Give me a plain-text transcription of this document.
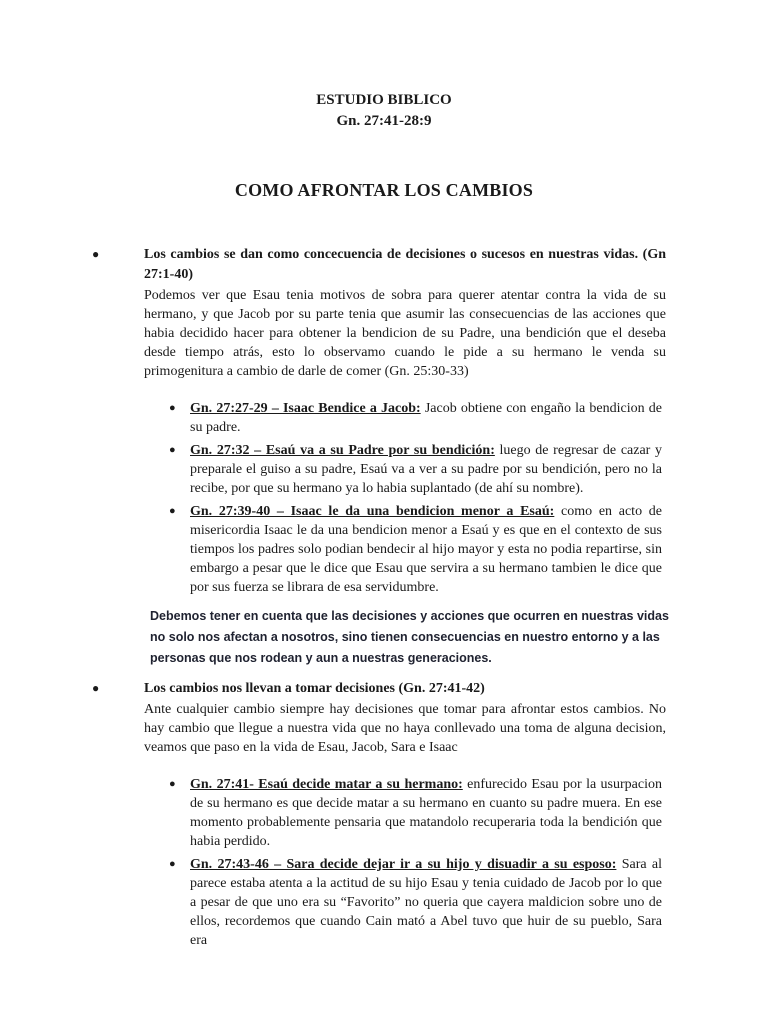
ESTUDIO BIBLICO
Gn. 27:41-28:9
COMO AFRONTAR LOS CAMBIOS
●	Los cambios se dan como concecuencia de decisiones o sucesos en nuestras vidas. (Gn 27:1-40)
Podemos ver que Esau tenia motivos de sobra para querer atentar contra la vida de su hermano, y que Jacob por su parte tenia que asumir las consecuencias de las acciones que habia decidido hacer para obtener la bendicion de su Padre, una bendición que el deseba desde tiempo atrás, esto lo observamo cuando le pide a su hermano le venda su primogenitura a cambio de darle de comer (Gn. 25:30-33)
● Gn. 27:27-29 – Isaac Bendice a Jacob: Jacob obtiene con engaño la bendicion de su padre.
● Gn. 27:32 – Esaú va a su Padre por su bendición: luego de regresar de cazar y preparale el guiso a su padre, Esaú va a ver a su padre por su bendición, pero no la recibe, por que su hermano ya lo habia suplantado (de ahí su nombre).
● Gn. 27:39-40 – Isaac le da una bendicion menor a Esaú: como en acto de misericordia Isaac le da una bendicion menor a Esaú y es que en el contexto de sus tiempos los padres solo podian bendecir al hijo mayor y esta no podia repartirse, sin embargo a pesar que le dice que Esau que servira a su hermano tambien le dice que por sus fuerza se librara de esa servidumbre.
Debemos tener en cuenta que las decisiones y acciones que ocurren en nuestras vidas no solo nos afectan a nosotros, sino tienen consecuencias en nuestro entorno y a las personas que nos rodean y aun a nuestras generaciones.
●	Los cambios nos llevan a tomar decisiones (Gn. 27:41-42)
Ante cualquier cambio siempre hay decisiones que tomar para afrontar estos cambios. No hay cambio que llegue a nuestra vida que no haya conllevado una toma de alguna decision, veamos que paso en la vida de Esau, Jacob, Sara e Isaac
● Gn. 27:41- Esaú decide matar a su hermano: enfurecido Esau por la usurpacion de su hermano es que decide matar a su hermano en cuanto su padre muera. En ese momento probablemente pensaria que matandolo recuperaria toda la bendición que habia perdido.
● Gn. 27:43-46 – Sara decide dejar ir a su hijo y disuadir a su esposo: Sara al parece estaba atenta a la actitud de su hijo Esau y tenia cuidado de Jacob por lo que a pesar de que uno era su “Favorito” no queria que cayera maldicion sobre uno de ellos, recordemos que cuando Cain mató a Abel tuvo que huir de su pueblo, Sara era
